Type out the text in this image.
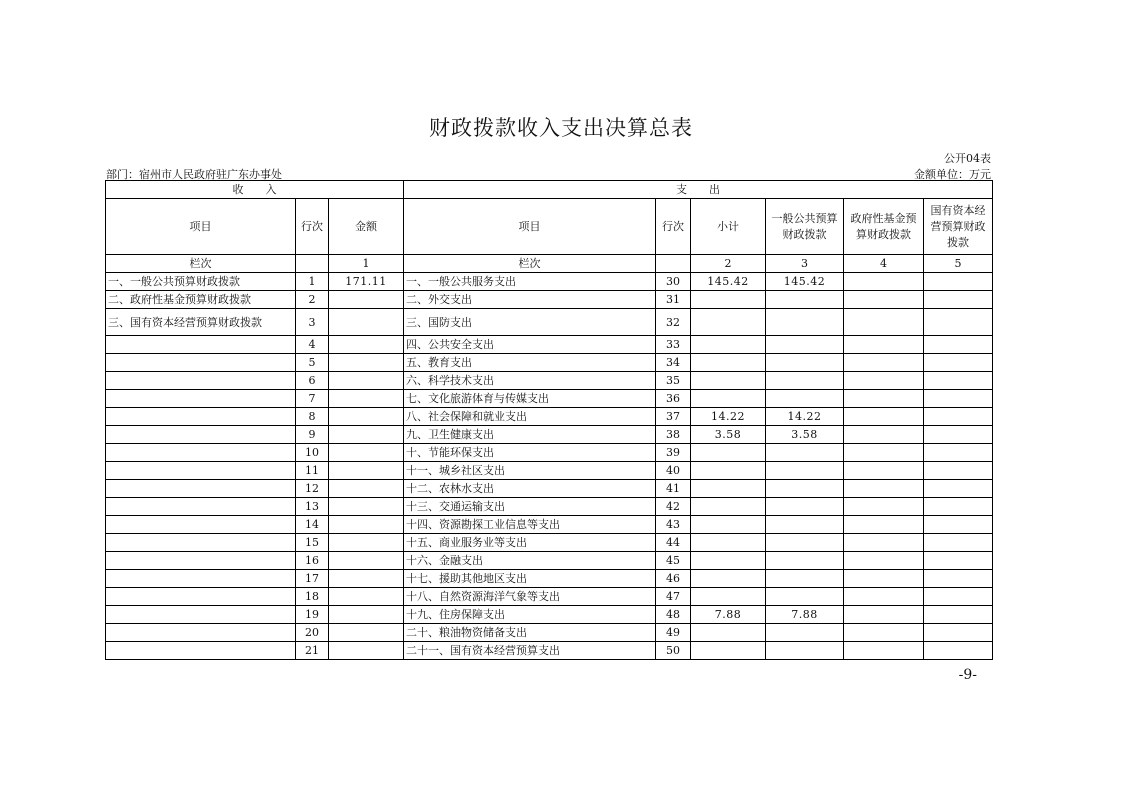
财政拨款收入支出决算总表
公开04表
部门：宿州市人民政府驻广东办事处	金额单位：万元
收　　入			支　　出					
项目	行次	金额	项目	行次	小计	一般公共预算财政拨款	政府性基金预算财政拨款	国有资本经营预算财政拨款
栏次		1	栏次		2	3	4	5
一、一般公共预算财政拨款	1	171.11	一、一般公共服务支出	30	145.42	145.42		
二、政府性基金预算财政拨款	2		二、外交支出	31				
三、国有资本经营预算财政拨款	3		三、国防支出	32				
	4		四、公共安全支出	33				
	5		五、教育支出	34				
	6		六、科学技术支出	35				
	7		七、文化旅游体育与传媒支出	36				
	8		八、社会保障和就业支出	37	14.22	14.22		
	9		九、卫生健康支出	38	3.58	3.58		
	10		十、节能环保支出	39				
	11		十一、城乡社区支出	40				
	12		十二、农林水支出	41				
	13		十三、交通运输支出	42				
	14		十四、资源勘探工业信息等支出	43				
	15		十五、商业服务业等支出	44				
	16		十六、金融支出	45				
	17		十七、援助其他地区支出	46				
	18		十八、自然资源海洋气象等支出	47				
	19		十九、住房保障支出	48	7.88	7.88		
	20		二十、粮油物资储备支出	49				
	21		二十一、国有资本经营预算支出	50				
-9-
